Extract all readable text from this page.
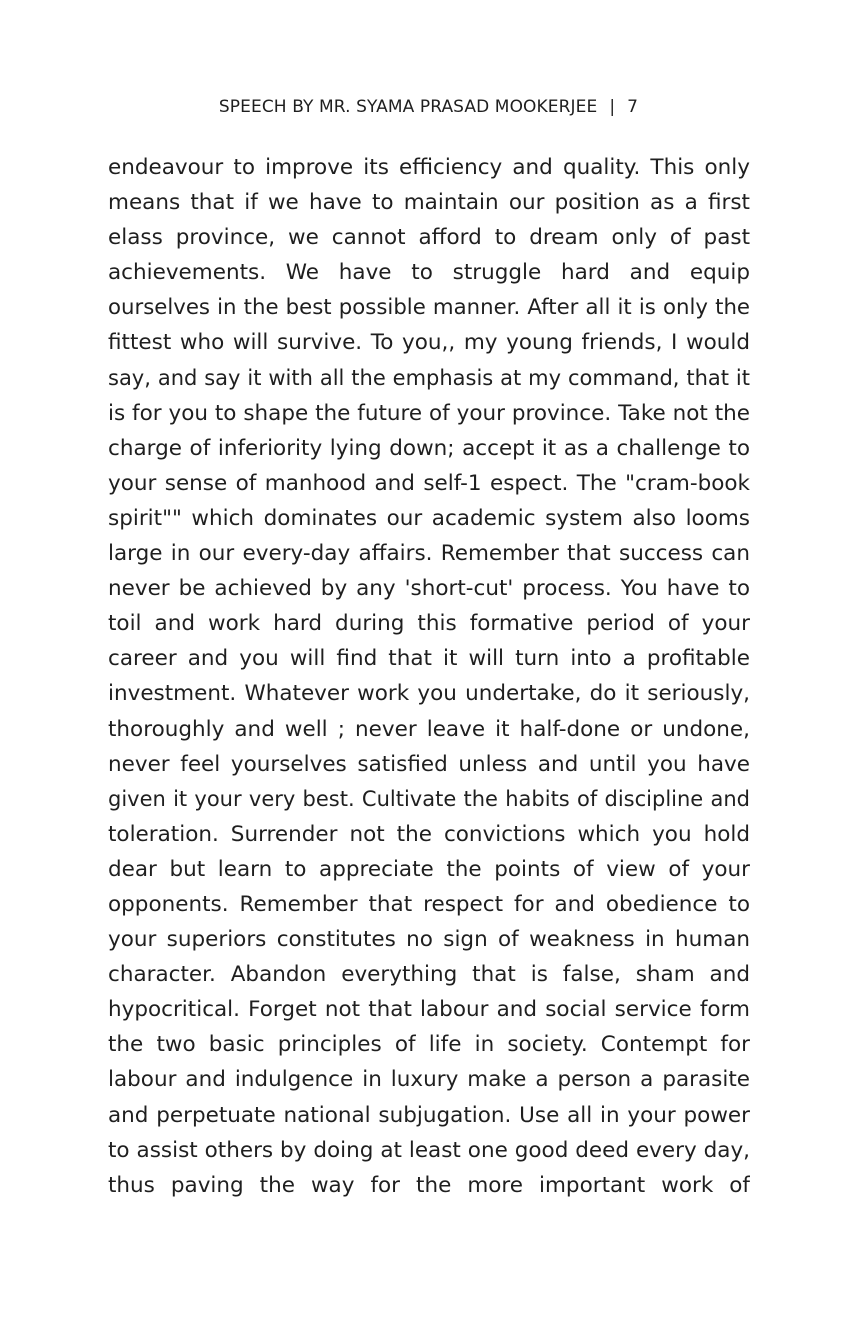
SPEECH BY MR. SYAMA PRASAD MOOKERJEE | 7
endeavour to improve its efficiency and quality. This only
means that if we have to maintain our position as a first
elass province, we cannot afford to dream only of past
achievements. We have to struggle hard and equip
ourselves in the best possible manner. After all it is only the
fittest who will survive. To you,, my young friends, I would
say, and say it with all the emphasis at my command, that it
is for you to shape the future of your province. Take not the
charge of inferiority lying down; accept it as a challenge to
your sense of manhood and self-1 espect. The "cram-book
spirit"" which dominates our academic system also looms
large in our every-day affairs. Remember that success can
never be achieved by any 'short-cut' process. You have to
toil and work hard during this formative period of your
career and you will find that it will turn into a profitable
investment. Whatever work you undertake, do it seriously,
thoroughly and well ; never leave it half-done or undone,
never feel yourselves satisfied unless and until you have
given it your very best. Cultivate the habits of discipline and
toleration. Surrender not the convictions which you hold
dear but learn to appreciate the points of view of your
opponents. Remember that respect for and obedience to
your superiors constitutes no sign of weakness in human
character. Abandon everything that is false, sham and
hypocritical. Forget not that labour and social service form
the two basic principles of life in society. Contempt for
labour and indulgence in luxury make a person a parasite
and perpetuate national subjugation. Use all in your power
to assist others by doing at least one good deed every day,
thus paving the way for the more important work of
